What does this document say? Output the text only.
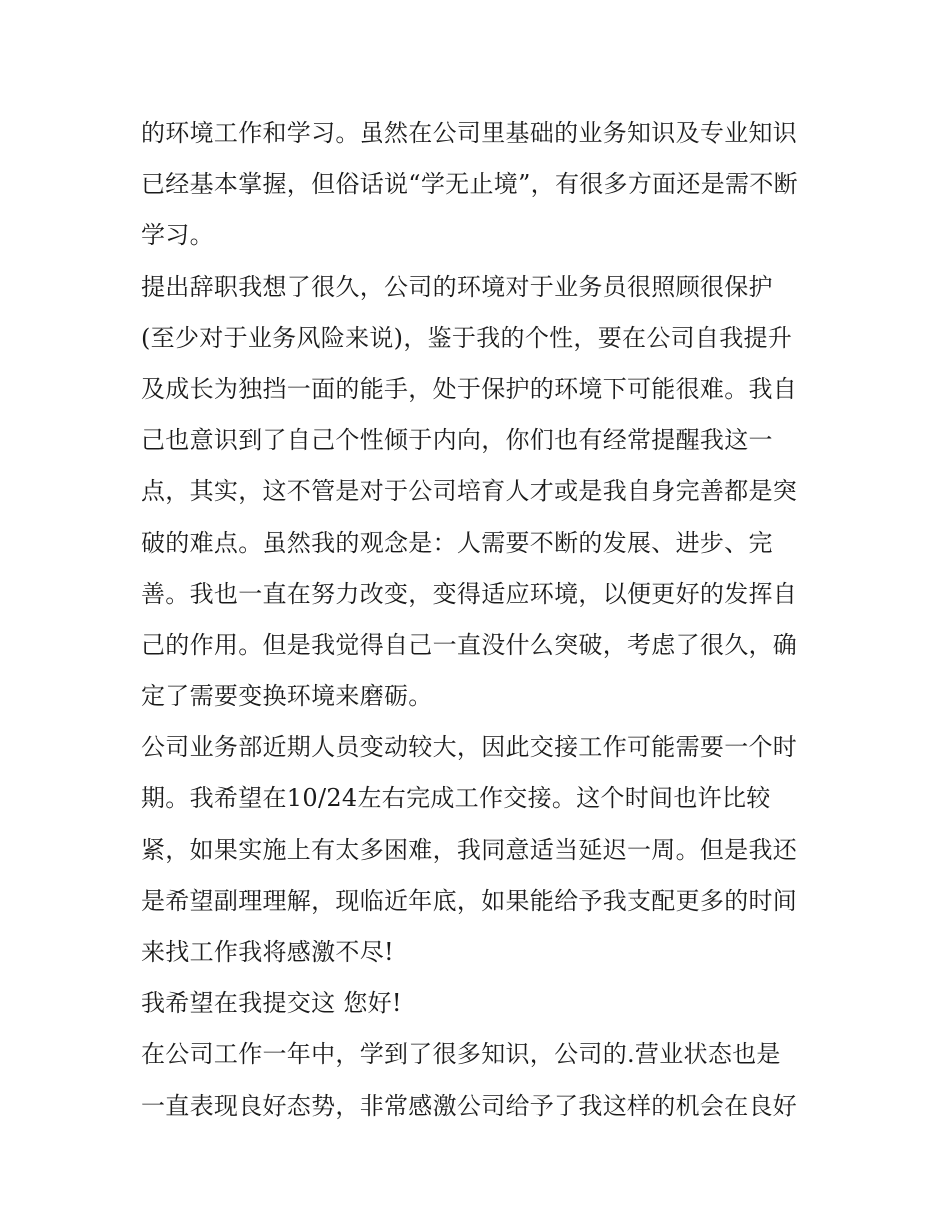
的环境工作和学习。虽然在公司里基础的业务知识及专业知识
已经基本掌握，但俗话说“学无止境”，有很多方面还是需不断
学习。
提出辞职我想了很久，公司的环境对于业务员很照顾很保护
(至少对于业务风险来说)，鉴于我的个性，要在公司自我提升
及成长为独挡一面的能手，处于保护的环境下可能很难。我自
己也意识到了自己个性倾于内向，你们也有经常提醒我这一
点，其实，这不管是对于公司培育人才或是我自身完善都是突
破的难点。虽然我的观念是：人需要不断的发展、进步、完
善。我也一直在努力改变，变得适应环境，以便更好的发挥自
己的作用。但是我觉得自己一直没什么突破，考虑了很久，确
定了需要变换环境来磨砺。
公司业务部近期人员变动较大，因此交接工作可能需要一个时
期。我希望在10/24左右完成工作交接。这个时间也许比较
紧，如果实施上有太多困难，我同意适当延迟一周。但是我还
是希望副理理解，现临近年底，如果能给予我支配更多的时间
来找工作我将感激不尽!
我希望在我提交这 您好!
在公司工作一年中，学到了很多知识，公司的.营业状态也是
一直表现良好态势，非常感激公司给予了我这样的机会在良好
